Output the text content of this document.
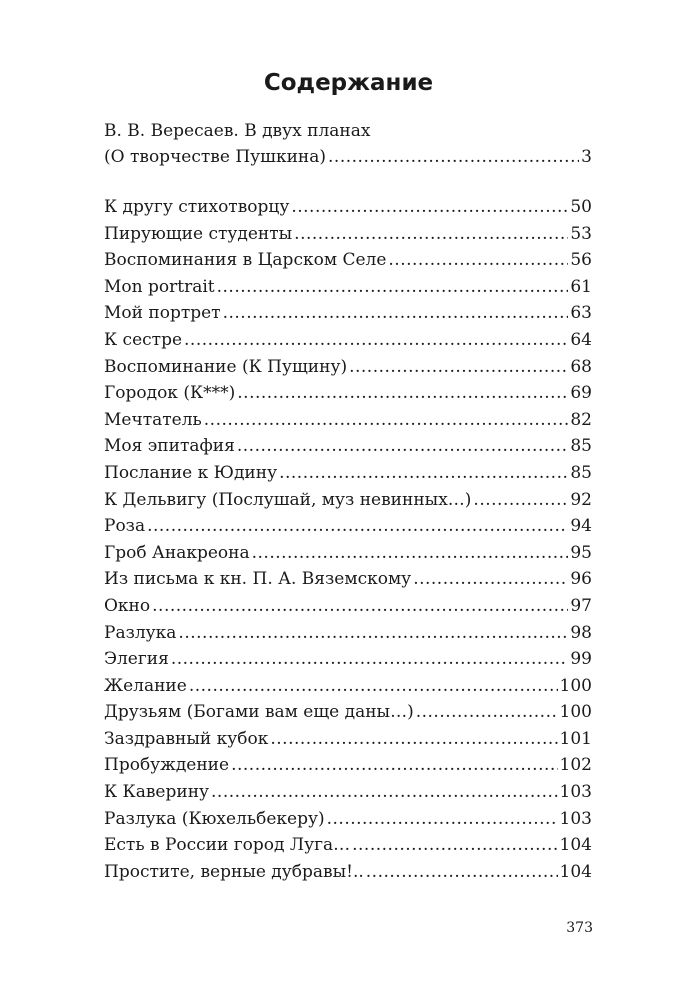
Содержание
В. В. Вересаев. В двух планах
(О творчестве Пушкина) .....	3
К другу стихотворцу .....	50
Пирующие студенты .....	53
Воспоминания в Царском Селе .....	56
Mon portrait .....	61
Мой портрет .....	63
К сестре .....	64
Воспоминание (К Пущину) .....	68
Городок (К***) .....	69
Мечтатель .....	82
Моя эпитафия .....	85
Послание к Юдину .....	85
К Дельвигу (Послушай, муз невинных…) .....	92
Роза .....	94
Гроб Анакреона .....	95
Из письма к кн. П. А. Вяземскому .....	96
Окно .....	97
Разлука .....	98
Элегия .....	99
Желание .....	100
Друзьям (Богами вам еще даны…) .....	100
Заздравный кубок .....	101
Пробуждение .....	102
К Каверину .....	103
Разлука (Кюхельбекеру) .....	103
Есть в России город Луга… .....	104
Простите, верные дубравы!.. .....	104
373
